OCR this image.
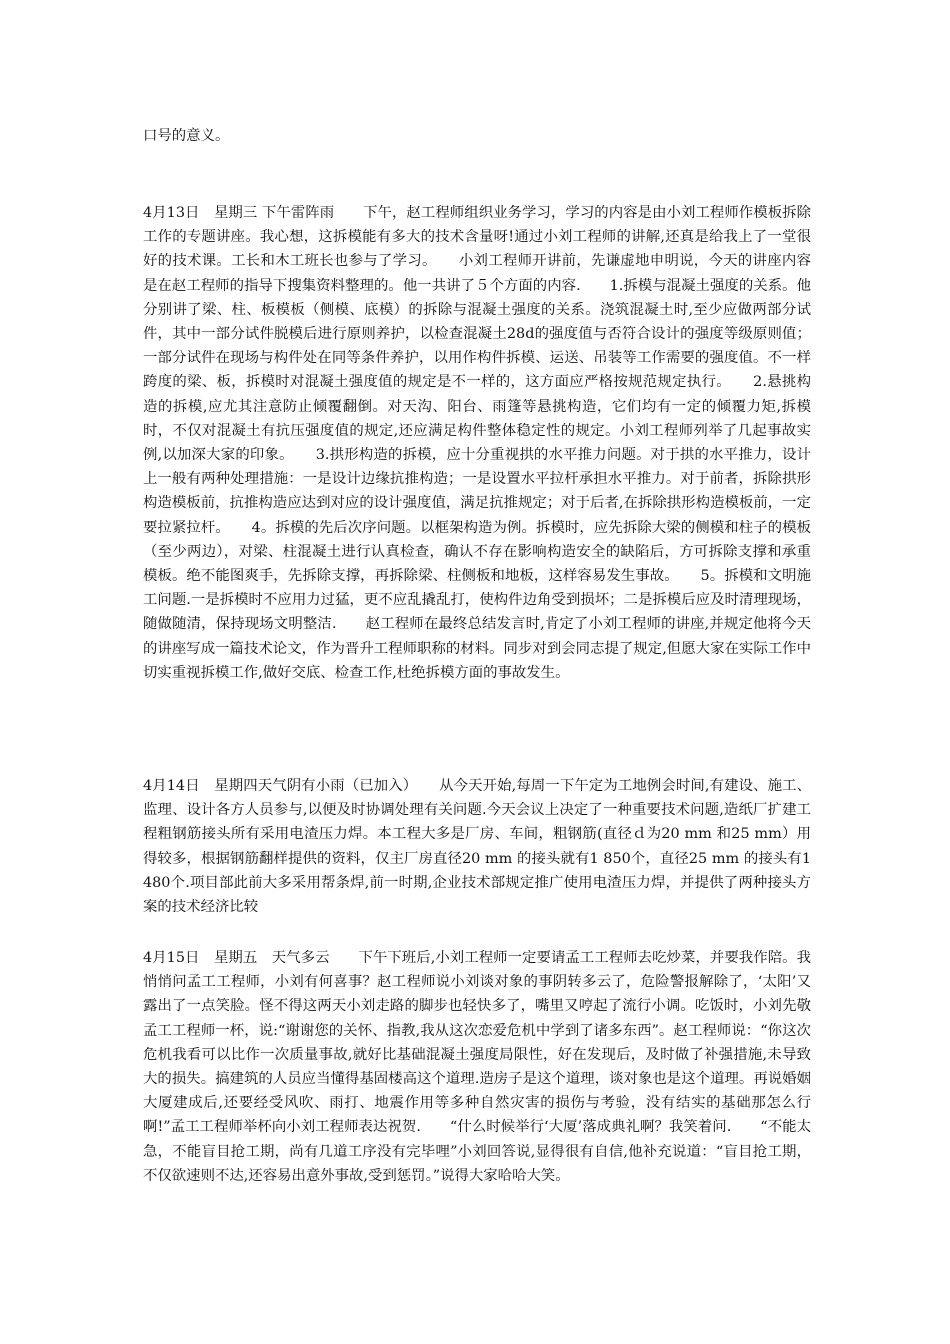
口号的意义。

4月13日　星期三 下午雷阵雨　　下午，赵工程师组织业务学习，学习的内容是由小刘工程师作模板拆除工作的专题讲座。我心想，这拆模能有多大的技术含量呀!通过小刘工程师的讲解,还真是给我上了一堂很好的技术课。工长和木工班长也参与了学习。　　小刘工程师开讲前，先谦虚地申明说，今天的讲座内容是在赵工程师的指导下搜集资料整理的。他一共讲了５个方面的内容.　　1.拆模与混凝土强度的关系。他分别讲了梁、柱、板模板（侧模、底模）的拆除与混凝土强度的关系。浇筑混凝土时,至少应做两部分试件，其中一部分试件脱模后进行原则养护，以检查混凝土28d的强度值与否符合设计的强度等级原则值；一部分试件在现场与构件处在同等条件养护，以用作构件拆模、运送、吊装等工作需要的强度值。不一样跨度的梁、板，拆模时对混凝土强度值的规定是不一样的，这方面应严格按规范规定执行。　　2.悬挑构造的拆模,应尤其注意防止倾覆翻倒。对天沟、阳台、雨篷等悬挑构造，它们均有一定的倾覆力矩,拆模时，不仅对混凝土有抗压强度值的规定,还应满足构件整体稳定性的规定。小刘工程师列举了几起事故实例,以加深大家的印象。　　3.拱形构造的拆模，应十分重视拱的水平推力问题。对于拱的水平推力，设计上一般有两种处理措施：一是设计边缘抗推构造；一是设置水平拉杆承担水平推力。对于前者，拆除拱形构造模板前，抗推构造应达到对应的设计强度值，满足抗推规定；对于后者,在拆除拱形构造模板前，一定要拉紧拉杆。　　4。拆模的先后次序问题。以框架构造为例。拆模时，应先拆除大梁的侧模和柱子的模板（至少两边），对梁、柱混凝土进行认真检查，确认不存在影响构造安全的缺陷后，方可拆除支撑和承重模板。绝不能图爽手，先拆除支撑，再拆除梁、柱侧板和地板，这样容易发生事故。　　5。拆模和文明施工问题.一是拆模时不应用力过猛，更不应乱撬乱打，使构件边角受到损坏；二是拆模后应及时清理现场，随做随清，保持现场文明整洁.　　赵工程师在最终总结发言时,肯定了小刘工程师的讲座,并规定他将今天的讲座写成一篇技术论文，作为晋升工程师职称的材料。同步对到会同志提了规定,但愿大家在实际工作中切实重视拆模工作,做好交底、检查工作,杜绝拆模方面的事故发生。

4月14日　星期四天气阴有小雨（已加入）　　从今天开始,每周一下午定为工地例会时间,有建设、施工、监理、设计各方人员参与,以便及时协调处理有关问题.今天会议上决定了一种重要技术问题,造纸厂扩建工程粗钢筋接头所有采用电渣压力焊。本工程大多是厂房、车间，粗钢筋(直径ｄ为20 mm 和25 mm）用得较多，根据钢筋翻样提供的资料，仅主厂房直径20 mm 的接头就有1 850个，直径25 mm 的接头有1 480个.项目部此前大多采用帮条焊,前一时期,企业技术部规定推广使用电渣压力焊，并提供了两种接头方案的技术经济比较

4月15日　星期五　天气多云　　下午下班后,小刘工程师一定要请孟工工程师去吃炒菜，并要我作陪。我悄悄问孟工工程师，小刘有何喜事？赵工程师说小刘谈对象的事阴转多云了，危险警报解除了，‘太阳’又露出了一点笑脸。怪不得这两天小刘走路的脚步也轻快多了，嘴里又哼起了流行小调。吃饭时，小刘先敬孟工工程师一杯，说:“谢谢您的关怀、指教,我从这次恋爱危机中学到了诸多东西”。赵工程师说：“你这次危机我看可以比作一次质量事故,就好比基础混凝土强度局限性，好在发现后，及时做了补强措施,未导致大的损失。搞建筑的人员应当懂得基固楼高这个道理.造房子是这个道理，谈对象也是这个道理。再说婚姻大厦建成后,还要经受风吹、雨打、地震作用等多种自然灾害的损伤与考验，没有结实的基础那怎么行啊!”孟工工程师举杯向小刘工程师表达祝贺.　　“什么时候举行‘大厦’落成典礼啊？我笑着问.　　“不能太急，不能盲目抢工期，尚有几道工序没有完毕哩”小刘回答说,显得很有自信,他补充说道：“盲目抢工期，不仅欲速则不达,还容易出意外事故,受到惩罚。”说得大家哈哈大笑。
